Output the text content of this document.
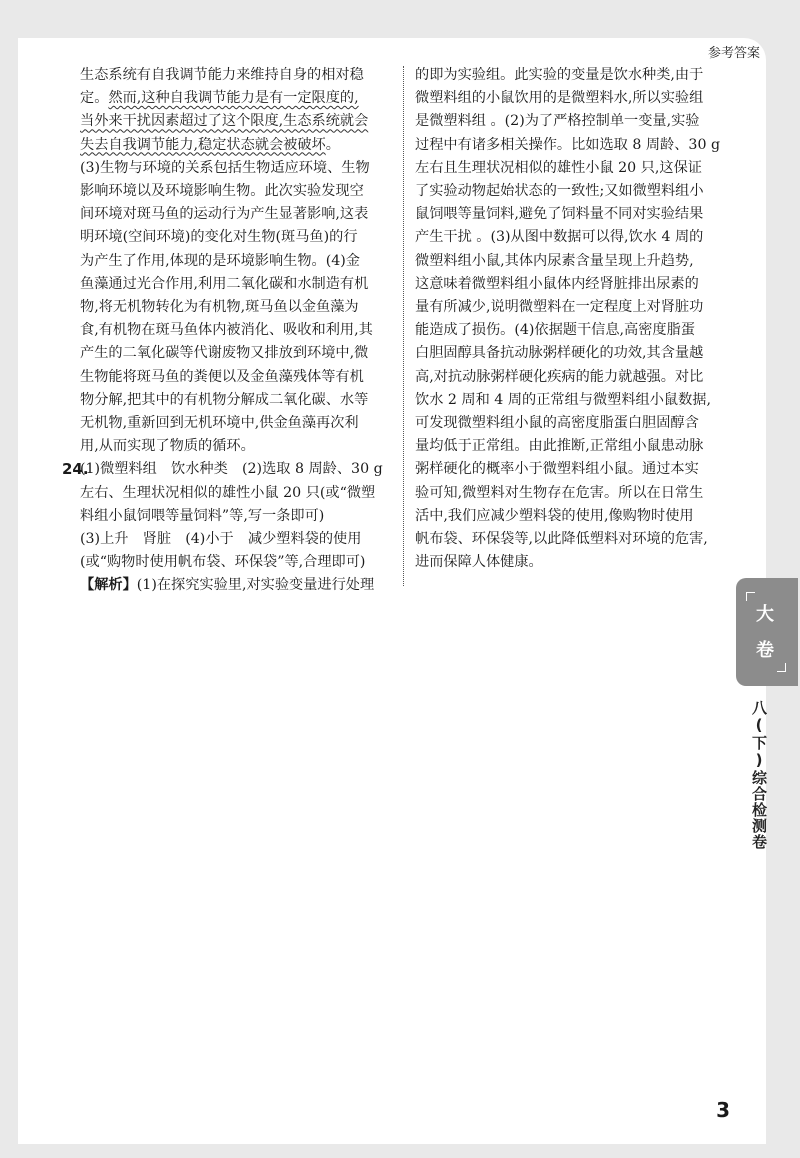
参考答案
生态系统有自我调节能力来维持自身的相对稳
定。然而,这种自我调节能力是有一定限度的,
当外来干扰因素超过了这个限度,生态系统就会
失去自我调节能力,稳定状态就会被破坏。
(3)生物与环境的关系包括生物适应环境、生物
影响环境以及环境影响生物。此次实验发现空
间环境对斑马鱼的运动行为产生显著影响,这表
明环境(空间环境)的变化对生物(斑马鱼)的行
为产生了作用,体现的是环境影响生物。(4)金
鱼藻通过光合作用,利用二氧化碳和水制造有机
物,将无机物转化为有机物,斑马鱼以金鱼藻为
食,有机物在斑马鱼体内被消化、吸收和利用,其
产生的二氧化碳等代谢废物又排放到环境中,微
生物能将斑马鱼的粪便以及金鱼藻残体等有机
物分解,把其中的有机物分解成二氧化碳、水等
无机物,重新回到无机环境中,供金鱼藻再次利
用,从而实现了物质的循环。
24.
(1)微塑料组　饮水种类　(2)选取 8 周龄、30 g
左右、生理状况相似的雄性小鼠 20 只(或“微塑
料组小鼠饲喂等量饲料”等,写一条即可)
(3)上升　肾脏　(4)小于　减少塑料袋的使用
(或“购物时使用帆布袋、环保袋”等,合理即可)
【解析】(1)在探究实验里,对实验变量进行处理
的即为实验组。此实验的变量是饮水种类,由于
微塑料组的小鼠饮用的是微塑料水,所以实验组
是微塑料组 。(2)为了严格控制单一变量,实验
过程中有诸多相关操作。比如选取 8 周龄、30 g
左右且生理状况相似的雄性小鼠 20 只,这保证
了实验动物起始状态的一致性;又如微塑料组小
鼠饲喂等量饲料,避免了饲料量不同对实验结果
产生干扰 。(3)从图中数据可以得,饮水 4 周的
微塑料组小鼠,其体内尿素含量呈现上升趋势,
这意味着微塑料组小鼠体内经肾脏排出尿素的
量有所减少,说明微塑料在一定程度上对肾脏功
能造成了损伤。(4)依据题干信息,高密度脂蛋
白胆固醇具备抗动脉粥样硬化的功效,其含量越
高,对抗动脉粥样硬化疾病的能力就越强。对比
饮水 2 周和 4 周的正常组与微塑料组小鼠数据,
可发现微塑料组小鼠的高密度脂蛋白胆固醇含
量均低于正常组。由此推断,正常组小鼠患动脉
粥样硬化的概率小于微塑料组小鼠。通过本实
验可知,微塑料对生物存在危害。所以在日常生
活中,我们应减少塑料袋的使用,像购物时使用
帆布袋、环保袋等,以此降低塑料对环境的危害,
进而保障人体健康。
大
卷
八(下)综合检测卷
3
